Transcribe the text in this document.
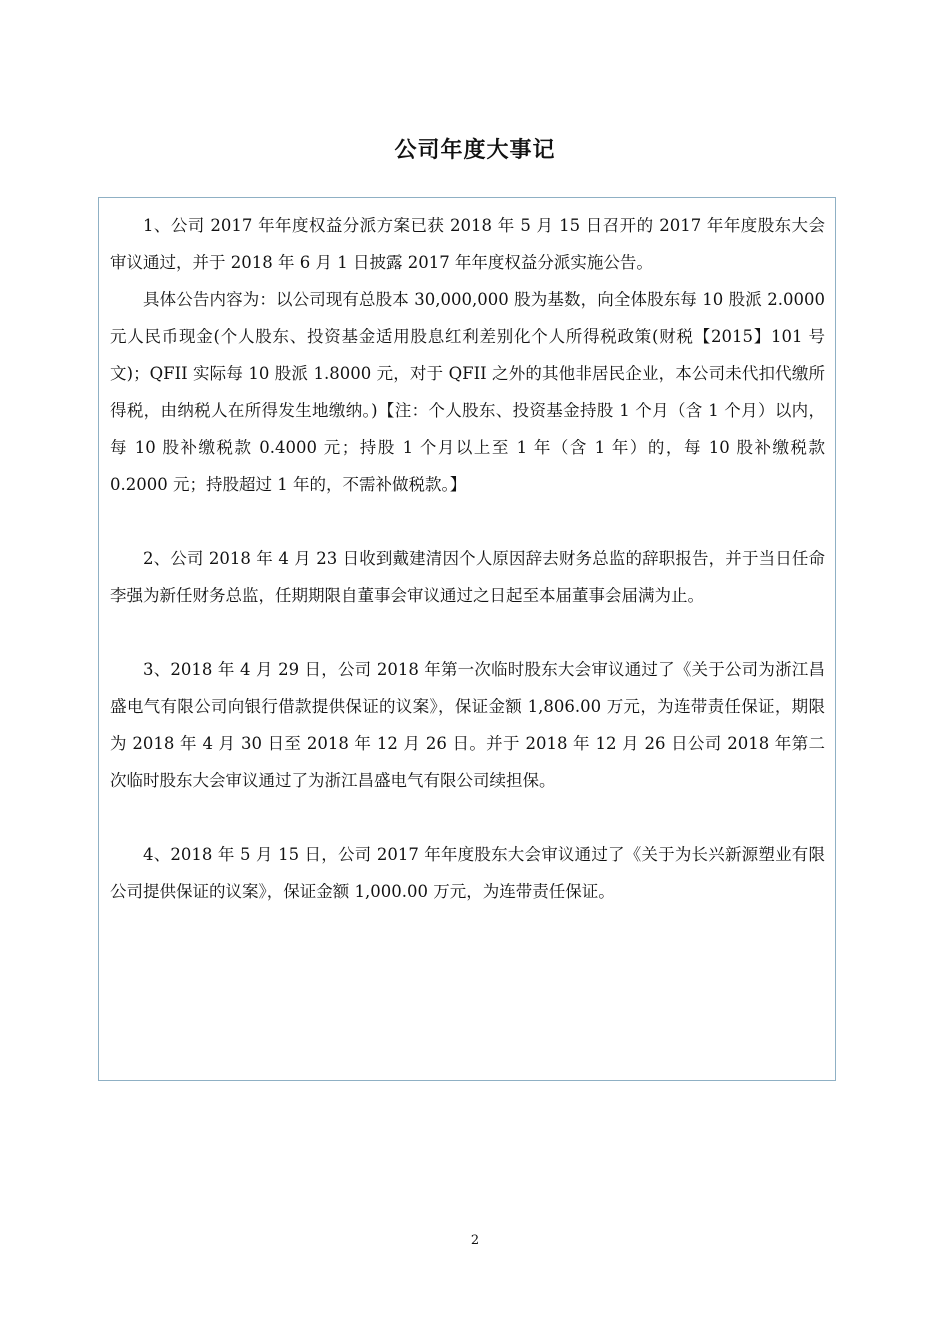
公司年度大事记

1、公司 2017 年年度权益分派方案已获 2018 年 5 月 15 日召开的 2017 年年度股东大会审议通过，并于 2018 年 6 月 1 日披露 2017 年年度权益分派实施公告。

具体公告内容为：以公司现有总股本 30,000,000 股为基数，向全体股东每 10 股派 2.0000 元人民币现金(个人股东、投资基金适用股息红利差别化个人所得税政策(财税【2015】101 号文)；QFII 实际每 10 股派 1.8000 元，对于 QFII 之外的其他非居民企业，本公司未代扣代缴所得税，由纳税人在所得发生地缴纳。)【注：个人股东、投资基金持股 1 个月（含 1 个月）以内，每 10 股补缴税款 0.4000 元；持股 1 个月以上至 1 年（含 1 年）的，每 10 股补缴税款 0.2000 元；持股超过 1 年的，不需补做税款。】

2、公司 2018 年 4 月 23 日收到戴建清因个人原因辞去财务总监的辞职报告，并于当日任命李强为新任财务总监，任期期限自董事会审议通过之日起至本届董事会届满为止。

3、2018 年 4 月 29 日，公司 2018 年第一次临时股东大会审议通过了《关于公司为浙江昌盛电气有限公司向银行借款提供保证的议案》，保证金额 1,806.00 万元，为连带责任保证，期限为 2018 年 4 月 30 日至 2018 年 12 月 26 日。并于 2018 年 12 月 26 日公司 2018 年第二次临时股东大会审议通过了为浙江昌盛电气有限公司续担保。

4、2018 年 5 月 15 日，公司 2017 年年度股东大会审议通过了《关于为长兴新源塑业有限公司提供保证的议案》，保证金额 1,000.00 万元，为连带责任保证。

2
